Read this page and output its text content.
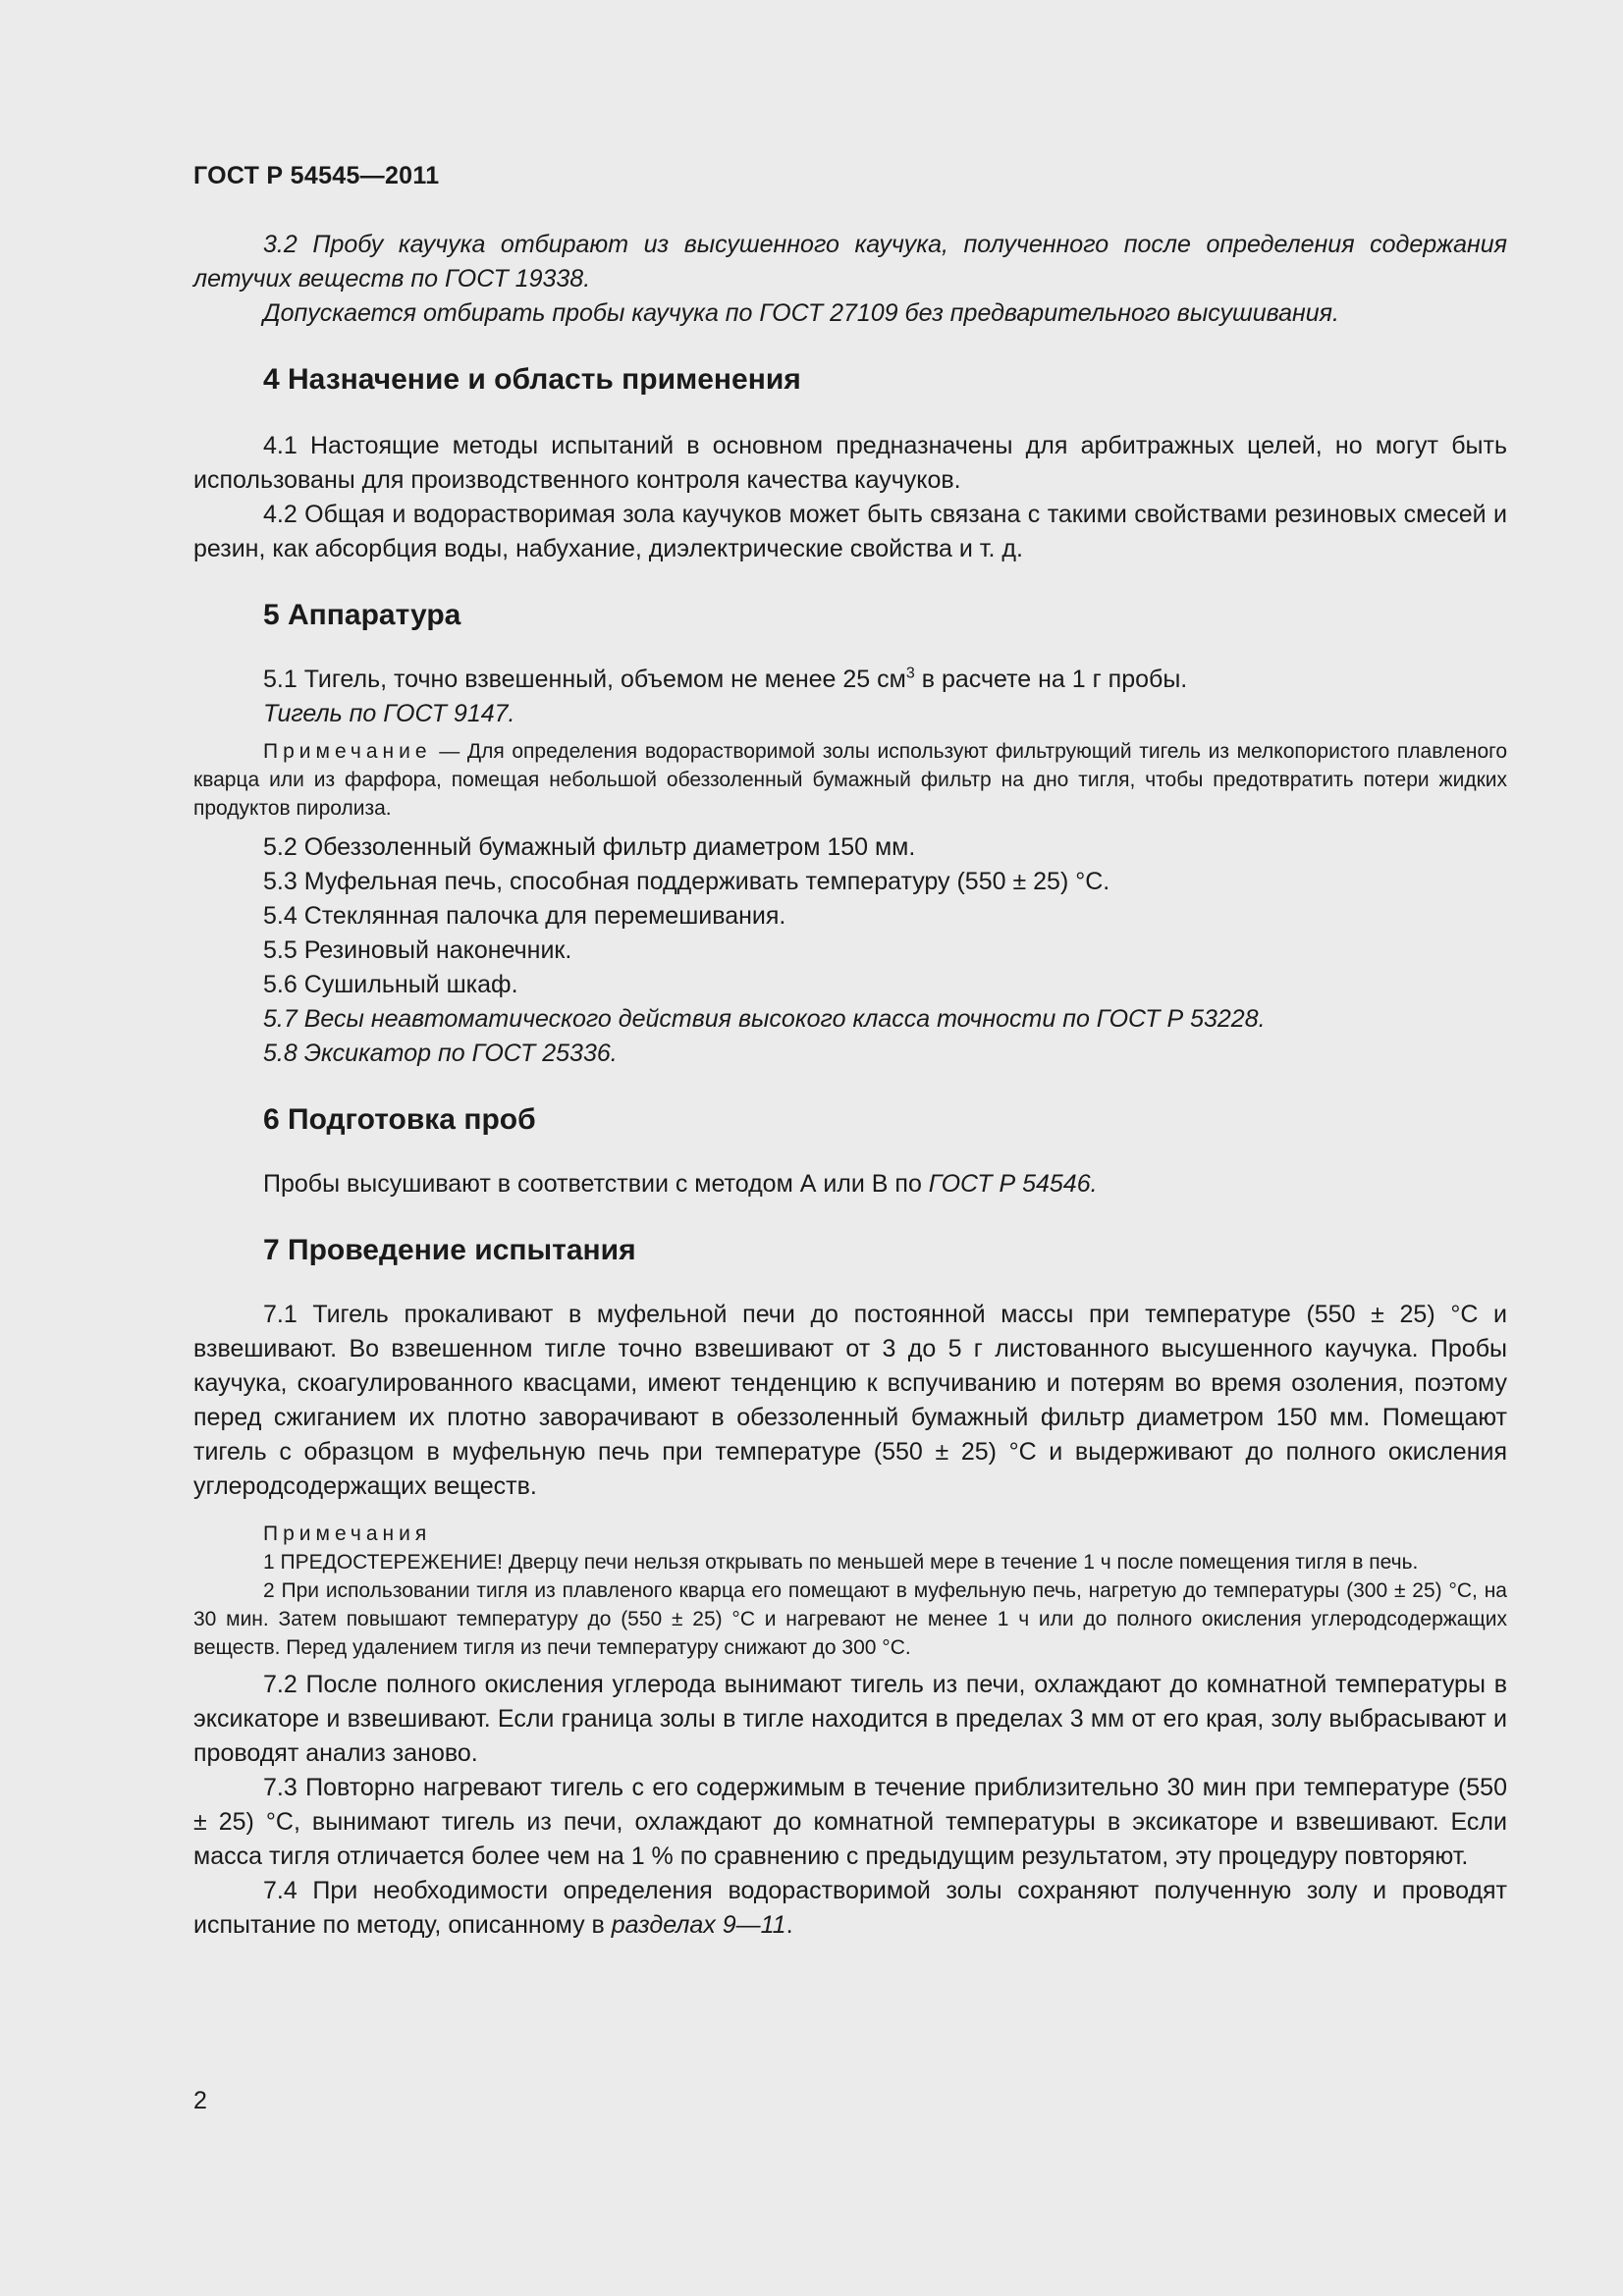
ГОСТ Р 54545—2011

3.2 Пробу каучука отбирают из высушенного каучука, полученного после определения содержания летучих веществ по ГОСТ 19338.

Допускается отбирать пробы каучука по ГОСТ 27109 без предварительного высушивания.

4 Назначение и область применения

4.1 Настоящие методы испытаний в основном предназначены для арбитражных целей, но могут быть использованы для производственного контроля качества каучуков.

4.2 Общая и водорастворимая зола каучуков может быть связана с такими свойствами резиновых смесей и резин, как абсорбция воды, набухание, диэлектрические свойства и т. д.

5 Аппаратура

5.1 Тигель, точно взвешенный, объемом не менее 25 $см^3$ в расчете на 1 г пробы.

Тигель по ГОСТ 9147.

Примечание — Для определения водорастворимой золы используют фильтрующий тигель из мелкопористого плавленого кварца или из фарфора, помещая небольшой обеззоленный бумажный фильтр на дно тигля, чтобы предотвратить потери жидких продуктов пиролиза.

5.2 Обеззоленный бумажный фильтр диаметром 150 мм.

5.3 Муфельная печь, способная поддерживать температуру (550 ± 25) °С.

5.4 Стеклянная палочка для перемешивания.

5.5 Резиновый наконечник.

5.6 Сушильный шкаф.

5.7 Весы неавтоматического действия высокого класса точности по ГОСТ Р 53228.

5.8 Эксикатор по ГОСТ 25336.

6 Подготовка проб

Пробы высушивают в соответствии с методом А или В по ГОСТ Р 54546.

7 Проведение испытания

7.1 Тигель прокаливают в муфельной печи до постоянной массы при температуре (550 ± 25) °С и взвешивают. Во взвешенном тигле точно взвешивают от 3 до 5 г листованного высушенного каучука. Пробы каучука, скоагулированного квасцами, имеют тенденцию к вспучиванию и потерям во время озоления, поэтому перед сжиганием их плотно заворачивают в обеззоленный бумажный фильтр диаметром 150 мм. Помещают тигель с образцом в муфельную печь при температуре (550 ± 25) °С и выдерживают до полного окисления углеродсодержащих веществ.

Примечания

1 ПРЕДОСТЕРЕЖЕНИЕ! Дверцу печи нельзя открывать по меньшей мере в течение 1 ч после помещения тигля в печь.

2 При использовании тигля из плавленого кварца его помещают в муфельную печь, нагретую до температуры (300 ± 25) °С, на 30 мин. Затем повышают температуру до (550 ± 25) °С и нагревают не менее 1 ч или до полного окисления углеродсодержащих веществ. Перед удалением тигля из печи температуру снижают до 300 °С.

7.2 После полного окисления углерода вынимают тигель из печи, охлаждают до комнатной температуры в эксикаторе и взвешивают. Если граница золы в тигле находится в пределах 3 мм от его края, золу выбрасывают и проводят анализ заново.

7.3 Повторно нагревают тигель с его содержимым в течение приблизительно 30 мин при температуре (550 ± 25) °С, вынимают тигель из печи, охлаждают до комнатной температуры в эксикаторе и взвешивают. Если масса тигля отличается более чем на 1 % по сравнению с предыдущим результатом, эту процедуру повторяют.

7.4 При необходимости определения водорастворимой золы сохраняют полученную золу и проводят испытание по методу, описанному в разделах 9—11.

2
